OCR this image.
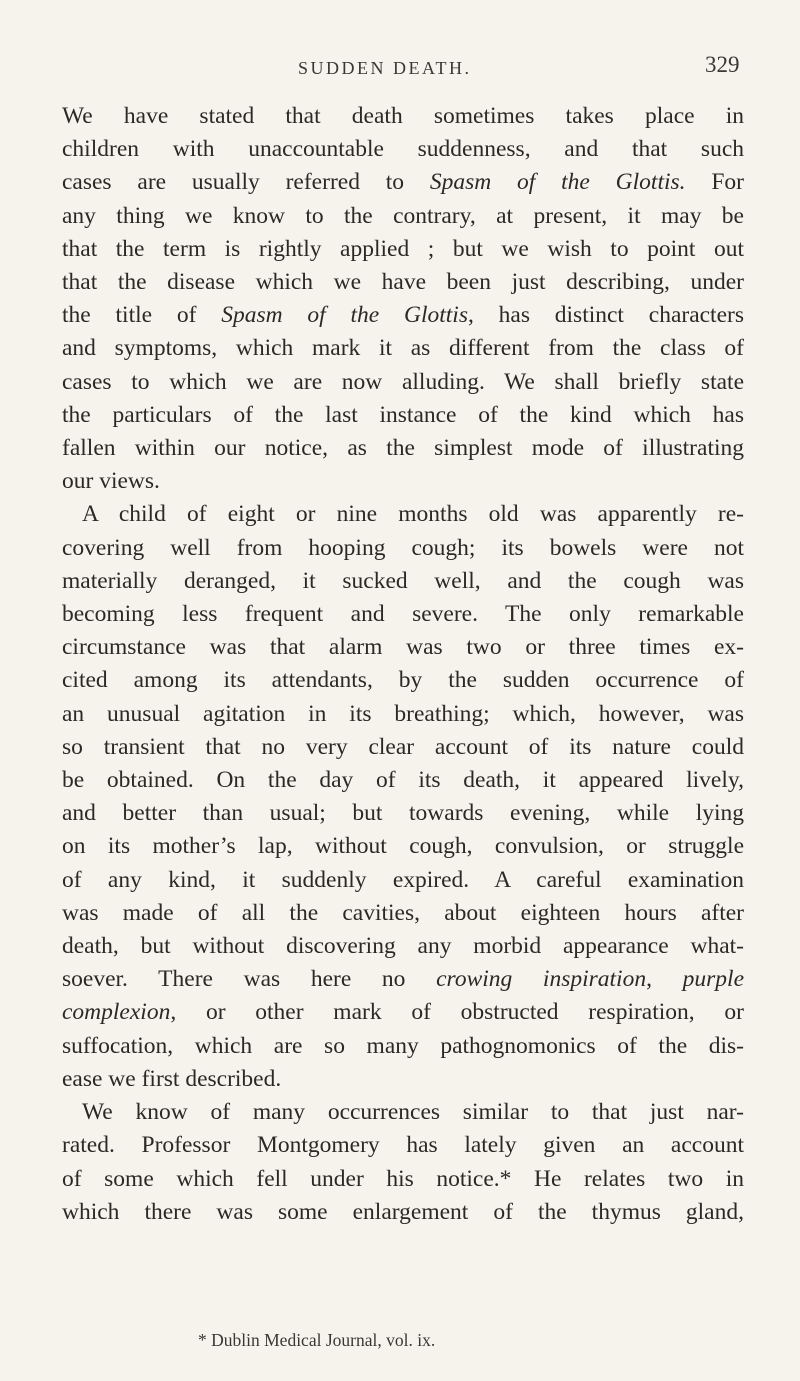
SUDDEN DEATH.	329
We have stated that death sometimes takes place in
children with unaccountable suddenness, and that such
cases are usually referred to Spasm of the Glottis. For
any thing we know to the contrary, at present, it may be
that the term is rightly applied ; but we wish to point out
that the disease which we have been just describing, under
the title of Spasm of the Glottis, has distinct characters
and symptoms, which mark it as different from the class of
cases to which we are now alluding. We shall briefly state
the particulars of the last instance of the kind which has
fallen within our notice, as the simplest mode of illustrating
our views.
A child of eight or nine months old was apparently re-
covering well from hooping cough; its bowels were not
materially deranged, it sucked well, and the cough was
becoming less frequent and severe. The only remarkable
circumstance was that alarm was two or three times ex-
cited among its attendants, by the sudden occurrence of
an unusual agitation in its breathing; which, however, was
so transient that no very clear account of its nature could
be obtained. On the day of its death, it appeared lively,
and better than usual; but towards evening, while lying
on its mother’s lap, without cough, convulsion, or struggle
of any kind, it suddenly expired. A careful examination
was made of all the cavities, about eighteen hours after
death, but without discovering any morbid appearance what-
soever. There was here no crowing inspiration, purple
complexion, or other mark of obstructed respiration, or
suffocation, which are so many pathognomonics of the dis-
ease we first described.
We know of many occurrences similar to that just nar-
rated. Professor Montgomery has lately given an account
of some which fell under his notice.* He relates two in
which there was some enlargement of the thymus gland,
* Dublin Medical Journal, vol. ix.
